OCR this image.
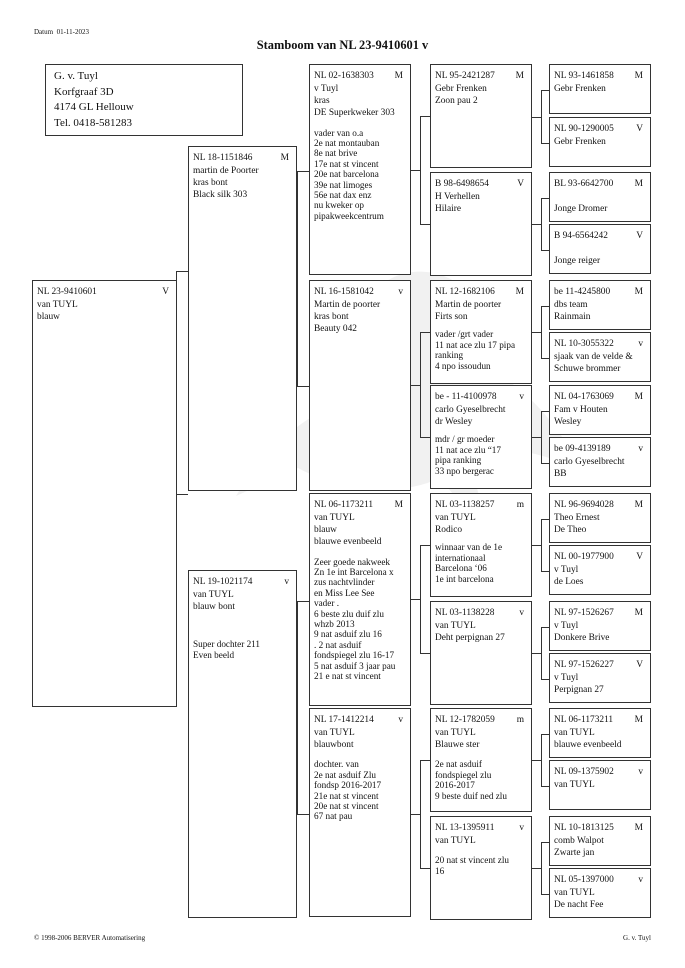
Datum 01-11-2023
Stamboom van NL 23-9410601 v
G. v. Tuyl
Korfgraaf 3D
4174 GL Hellouw
Tel. 0418-581283
NL 23-9410601	V
van TUYL
blauw
NL 18-1151846	M
martin de Poorter
kras bont
Black silk 303
NL 19-1021174	v
van TUYL
blauw bont
Super dochter 211
Even beeld
NL 02-1638303 M
v Tuyl
kras
DE Superkweker 303
vader van o.a
2e nat montauban
8e nat brive
17e nat st vincent
20e nat barcelona
39e nat limoges
56e nat dax enz
nu kweker op
pipakweekcentrum
NL 16-1581042	v
Martin de poorter
kras bont
Beauty 042
NL 06-1173211 M
van TUYL
blauw
blauwe evenbeeld
Zeer goede nakweek
Zn 1e int Barcelona x
zus nachtvlinder
en Miss Lee See
vader .
6 beste zlu duif zlu
whzb 2013
9 nat asduif zlu 16
. 2 nat asduif
fondspiegel zlu 16-17
5 nat asduif 3 jaar pau
21 e nat st vincent
NL 17-1412214	v
van TUYL
blauwbont
dochter. van
2e nat asduif Zlu
fondsp 2016-2017
21e nat st vincent
20e nat st vincent
67 nat pau
NL 95-2421287 M
Gebr Frenken
Zoon pau 2
B 98-6498654	V
H Verhellen
Hilaire
NL 12-1682106 M
Martin de poorter
Firts son
vader /grt vader
11 nat ace zlu 17 pipa
ranking
4 npo issoudun
be - 11-4100978 v
carlo Gyeselbrecht
dr Wesley
mdr / gr moeder
11 nat ace zlu “17
pipa ranking
33 npo bergerac
NL 03-1138257 m
van TUYL
Rodico
winnaar van de 1e
internationaal
Barcelona ‘06
1e int barcelona
NL 03-1138228	v
van TUYL
Deht perpignan 27
NL 12-1782059 m
van TUYL
Blauwe ster
2e nat asduif
fondspiegel zlu
2016-2017
9 beste duif ned zlu
NL 13-1395911	v
van TUYL
20 nat st vincent zlu
16
NL 93-1461858 M
Gebr Frenken
NL 90-1290005 V
Gebr Frenken
BL 93-6642700 M

Jonge Dromer
B 94-6564242	V

Jonge reiger
be 11-4245800	M
dbs team
Rainmain
NL 10-3055322	v
sjaak van de velde &
Schuwe brommer
NL 04-1763069 M
Fam v Houten
Wesley
be 09-4139189	v
carlo Gyeselbrecht
BB
NL 96-9694028 M
Theo Ernest
De Theo
NL 00-1977900 V
v Tuyl
de Loes
NL 97-1526267 M
v Tuyl
Donkere Brive
NL 97-1526227 V
v Tuyl
Perpignan 27
NL 06-1173211 M
van TUYL
blauwe evenbeeld
NL 09-1375902	v
van TUYL
NL 10-1813125 M
comb Walpot
Zwarte jan
NL 05-1397000	v
van TUYL
De nacht Fee
© 1998-2006 BERVER Automatisering	G. v. Tuyl
